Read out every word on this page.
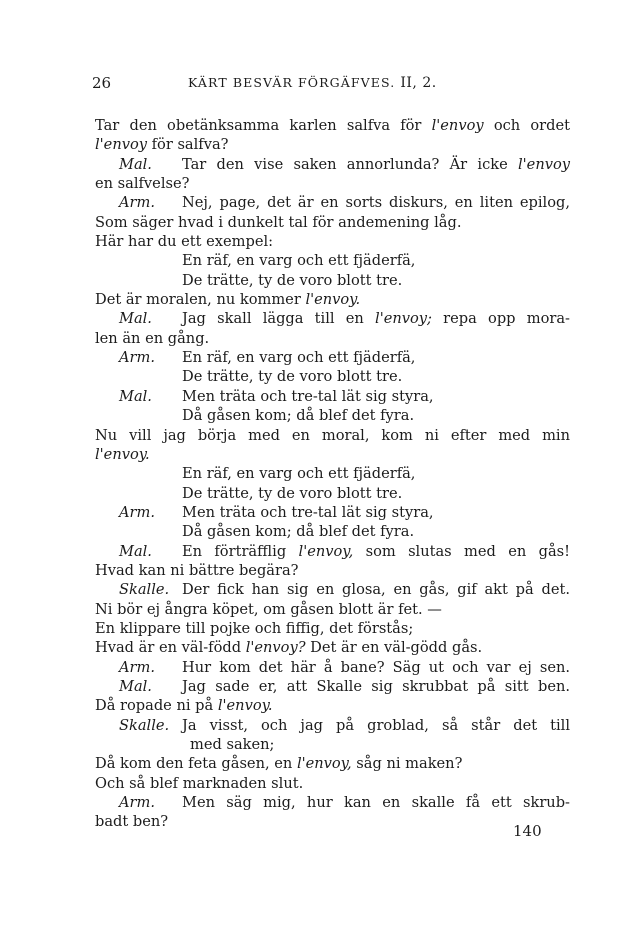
26	KÄRT BESVÄR FÖRGÄFVES. II, 2.
Tar den obetänksamma karlen salfva för l'envoy och ordet
l'envoy för salfva?
Mal. Tar den vise saken annorlunda? Är icke l'envoy
en salfvelse?
Arm. Nej, page, det är en sorts diskurs, en liten epilog,
Som säger hvad i dunkelt tal för andemening låg.
Här har du ett exempel:
En räf, en varg och ett fjäderfä,
De trätte, ty de voro blott tre.
Det är moralen, nu kommer l'envoy.
Mal. Jag skall lägga till en l'envoy; repa opp mora-
len än en gång.
Arm. En räf, en varg och ett fjäderfä,
De trätte, ty de voro blott tre.
Mal. Men träta och tre-tal lät sig styra,
Då gåsen kom; då blef det fyra.
Nu vill jag börja med en moral, kom ni efter med min
l'envoy.
En räf, en varg och ett fjäderfä,
De trätte, ty de voro blott tre.
Arm. Men träta och tre-tal lät sig styra,
Då gåsen kom; då blef det fyra.
Mal. En förträfflig l'envoy, som slutas med en gås!
Hvad kan ni bättre begära?
Skalle. Der fick han sig en glosa, en gås, gif akt på det.
Ni bör ej ångra köpet, om gåsen blott är fet. —
En klippare till pojke och fiffig, det förstås;
Hvad är en väl-född l'envoy? Det är en väl-gödd gås.
Arm. Hur kom det här å bane? Säg ut och var ej sen.
Mal. Jag sade er, att Skalle sig skrubbat på sitt ben.
Då ropade ni på l'envoy.
Skalle. Ja visst, och jag på groblad, så står det till
med saken;
Då kom den feta gåsen, en l'envoy, såg ni maken?
Och så blef marknaden slut.
Arm. Men säg mig, hur kan en skalle få ett skrub-
badt ben?
140
